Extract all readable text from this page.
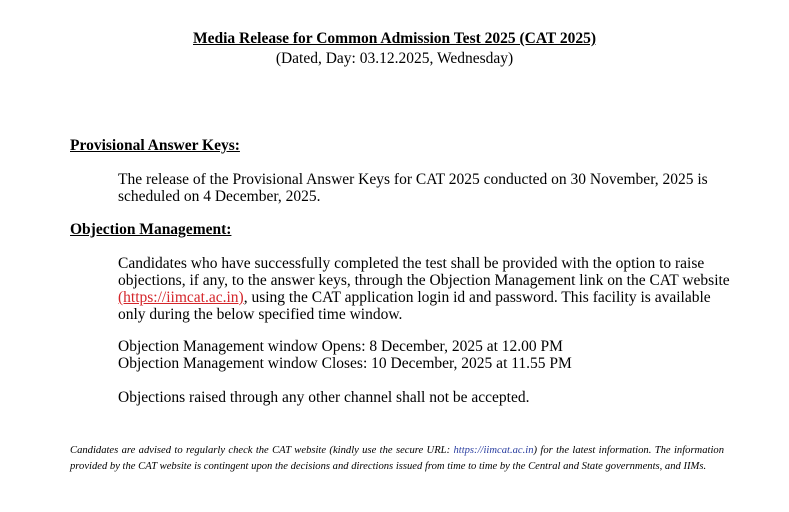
Media Release for Common Admission Test 2025 (CAT 2025)
(Dated, Day: 03.12.2025, Wednesday)
Provisional Answer Keys:
The release of the Provisional Answer Keys for CAT 2025 conducted on 30 November, 2025 is scheduled on 4 December, 2025.
Objection Management:
Candidates who have successfully completed the test shall be provided with the option to raise objections, if any, to the answer keys, through the Objection Management link on the CAT website (https://iimcat.ac.in), using the CAT application login id and password. This facility is available only during the below specified time window.
Objection Management window Opens: 8 December, 2025 at 12.00 PM
Objection Management window Closes: 10 December, 2025 at 11.55 PM
Objections raised through any other channel shall not be accepted.
Candidates are advised to regularly check the CAT website (kindly use the secure URL: https://iimcat.ac.in) for the latest information. The information provided by the CAT website is contingent upon the decisions and directions issued from time to time by the Central and State governments, and IIMs.
